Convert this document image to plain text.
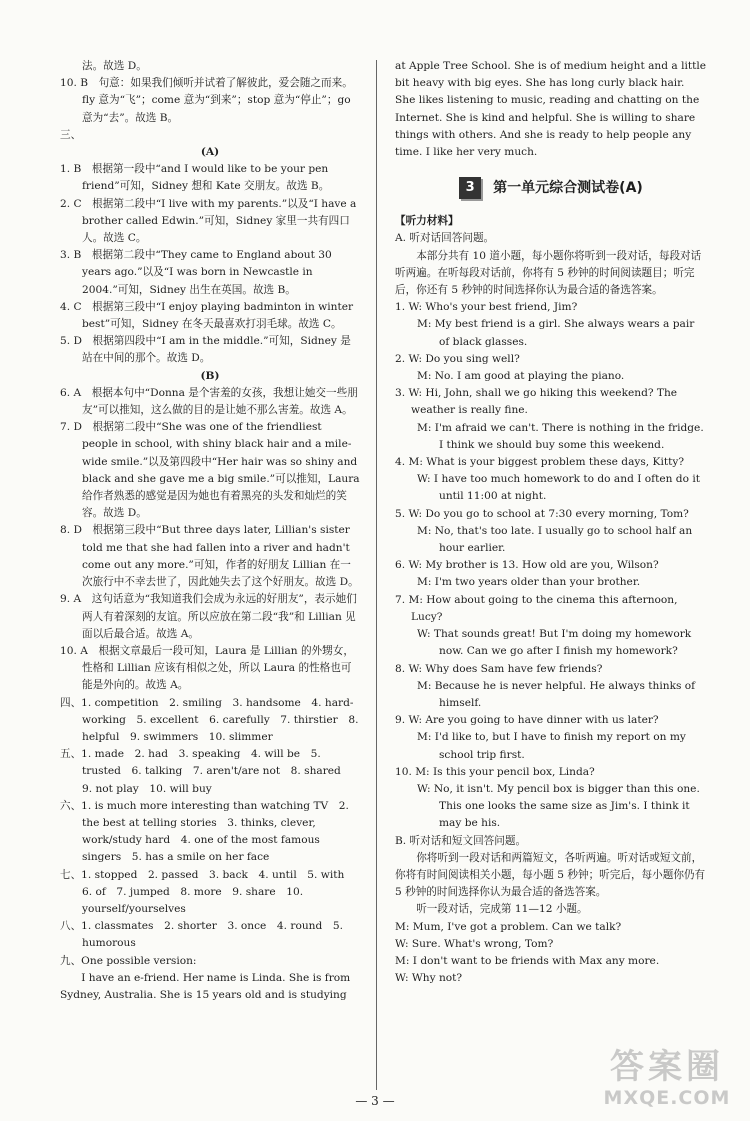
法。故选 D。

10. B　句意：如果我们倾听并试着了解彼此，爱会随之而来。fly 意为“飞”；come 意为“到来”；stop 意为“停止”；go 意为“去”。故选 B。

三、

(A)

1. B　根据第一段中“and I would like to be your pen friend”可知，Sidney 想和 Kate 交朋友。故选 B。

2. C　根据第二段中“I live with my parents.”以及“I have a brother called Edwin.”可知，Sidney 家里一共有四口人。故选 C。

3. B　根据第二段中“They came to England about 30 years ago.”以及“I was born in Newcastle in 2004.”可知，Sidney 出生在英国。故选 B。

4. C　根据第三段中“I enjoy playing badminton in winter best”可知，Sidney 在冬天最喜欢打羽毛球。故选 C。

5. D　根据第四段中“I am in the middle.”可知，Sidney 是站在中间的那个。故选 D。

(B)

6. A　根据本句中“Donna 是个害羞的女孩，我想让她交一些朋友”可以推知，这么做的目的是让她不那么害羞。故选 A。

7. D　根据第二段中“She was one of the friendliest people in school, with shiny black hair and a mile-wide smile.”以及第四段中“Her hair was so shiny and black and she gave me a big smile.”可以推知，Laura 给作者熟悉的感觉是因为她也有着黑亮的头发和灿烂的笑容。故选 D。

8. D　根据第三段中“But three days later, Lillian's sister told me that she had fallen into a river and hadn't come out any more.”可知，作者的好朋友 Lillian 在一次旅行中不幸去世了，因此她失去了这个好朋友。故选 D。

9. A　这句话意为“我知道我们会成为永远的好朋友”，表示她们两人有着深刻的友谊。所以应放在第二段“我”和 Lillian 见面以后最合适。故选 A。

10. A　根据文章最后一段可知，Laura 是 Lillian 的外甥女，性格和 Lillian 应该有相似之处，所以 Laura 的性格也可能是外向的。故选 A。

四、1. competition　2. smiling　3. handsome　4. hard-working　5. excellent　6. carefully　7. thirstier　8. helpful　9. swimmers　10. slimmer

五、1. made　2. had　3. speaking　4. will be　5. trusted　6. talking　7. aren't/are not　8. shared　9. not play　10. will buy

六、1. is much more interesting than watching TV　2. the best at telling stories　3. thinks, clever, work/study hard　4. one of the most famous singers　5. has a smile on her face

七、1. stopped　2. passed　3. back　4. until　5. with　6. of　7. jumped　8. more　9. share　10. yourself/yourselves

八、1. classmates　2. shorter　3. once　4. round　5. humorous

九、One possible version:

I have an e-friend. Her name is Linda. She is from Sydney, Australia. She is 15 years old and is studying

at Apple Tree School. She is of medium height and a little bit heavy with big eyes. She has long curly black hair. She likes listening to music, reading and chatting on the Internet. She is kind and helpful. She is willing to share things with others. And she is ready to help people any time. I like her very much.

3	第一单元综合测试卷(A)

【听力材料】

A. 听对话回答问题。

本部分共有 10 道小题，每小题你将听到一段对话，每段对话听两遍。在听每段对话前，你将有 5 秒钟的时间阅读题目；听完后，你还有 5 秒钟的时间选择你认为最合适的备选答案。

1. W: Who's your best friend, Jim?

M: My best friend is a girl. She always wears a pair of black glasses.

2. W: Do you sing well?

M: No. I am good at playing the piano.

3. W: Hi, John, shall we go hiking this weekend? The weather is really fine.

M: I'm afraid we can't. There is nothing in the fridge. I think we should buy some this weekend.

4. M: What is your biggest problem these days, Kitty?

W: I have too much homework to do and I often do it until 11:00 at night.

5. W: Do you go to school at 7:30 every morning, Tom?

M: No, that's too late. I usually go to school half an hour earlier.

6. W: My brother is 13. How old are you, Wilson?

M: I'm two years older than your brother.

7. M: How about going to the cinema this afternoon, Lucy?

W: That sounds great! But I'm doing my homework now. Can we go after I finish my homework?

8. W: Why does Sam have few friends?

M: Because he is never helpful. He always thinks of himself.

9. W: Are you going to have dinner with us later?

M: I'd like to, but I have to finish my report on my school trip first.

10. M: Is this your pencil box, Linda?

W: No, it isn't. My pencil box is bigger than this one. This one looks the same size as Jim's. I think it may be his.

B. 听对话和短文回答问题。

你将听到一段对话和两篇短文，各听两遍。听对话或短文前，你将有时间阅读相关小题，每小题 5 秒钟；听完后，每小题你仍有 5 秒钟的时间选择你认为最合适的备选答案。

听一段对话，完成第 11—12 小题。

M: Mum, I've got a problem. Can we talk?

W: Sure. What's wrong, Tom?

M: I don't want to be friends with Max any more.

W: Why not?

— 3 —
答案圈
MXQE.COM
